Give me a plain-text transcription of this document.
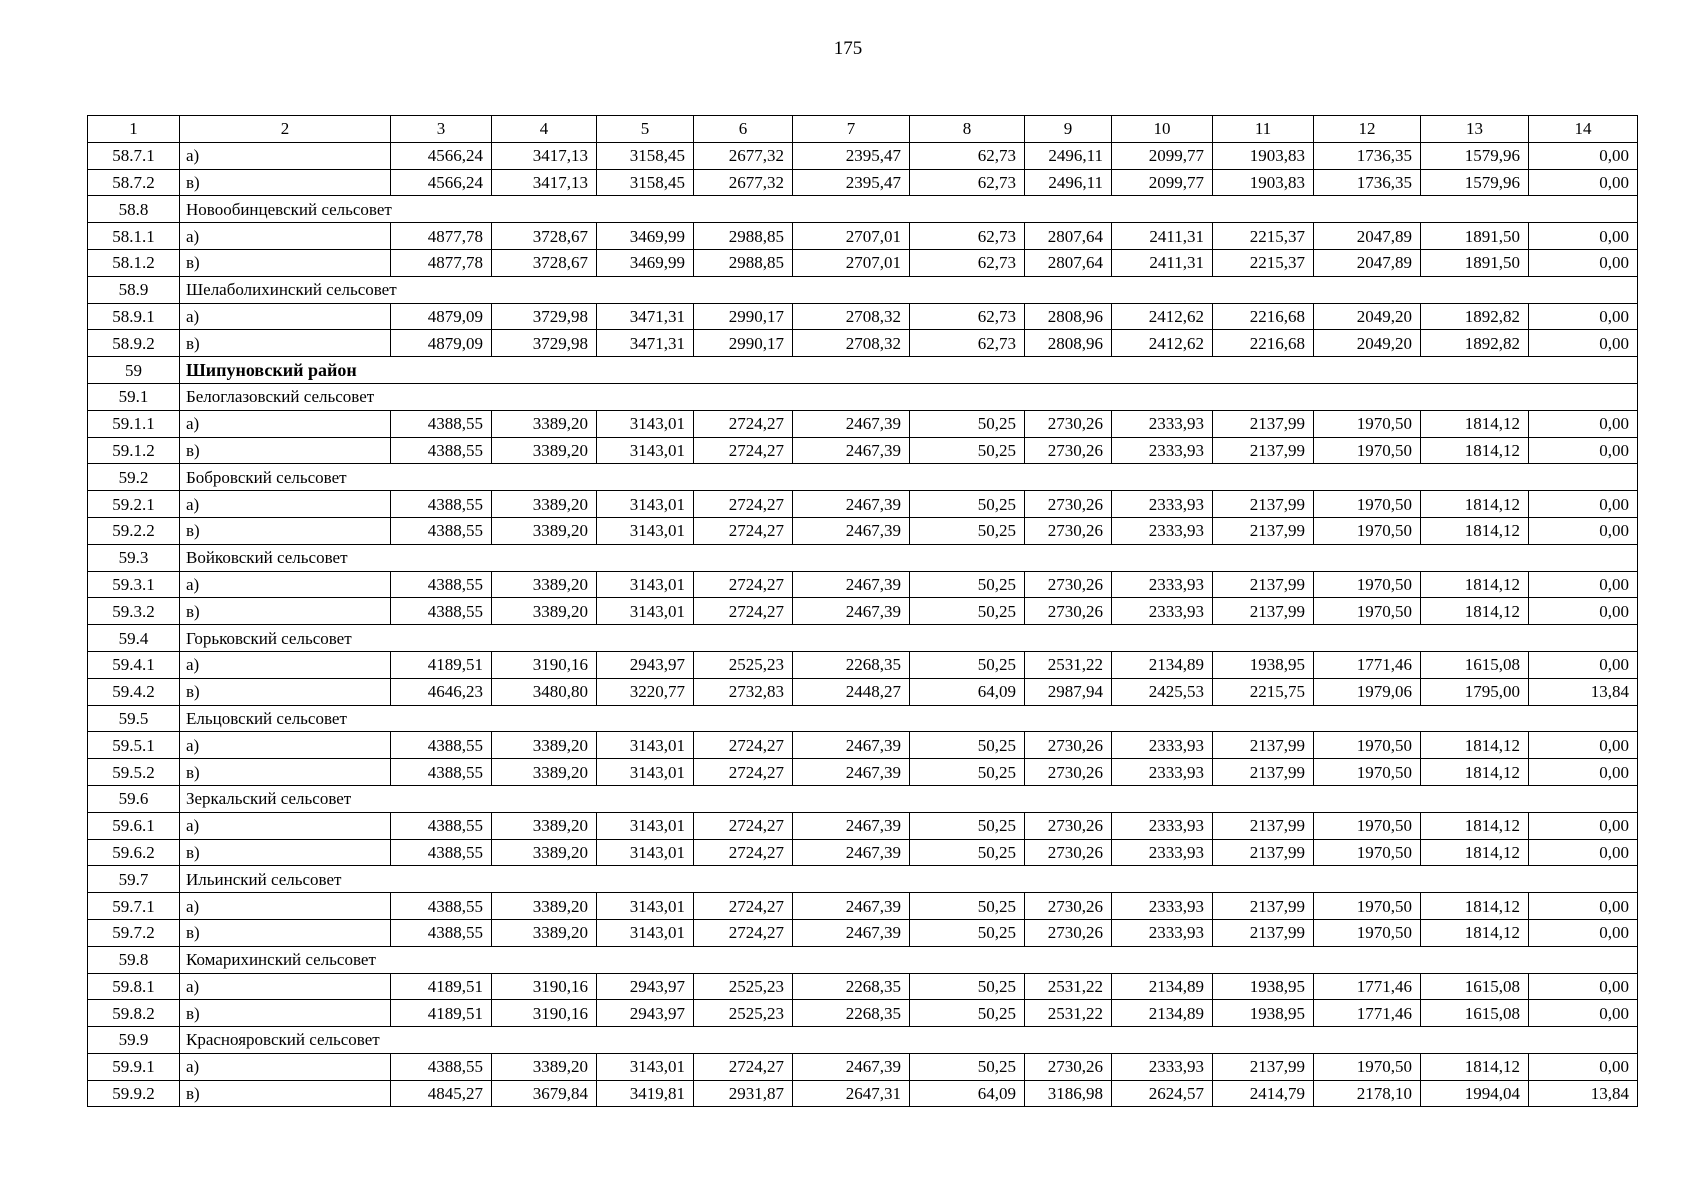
175
1	2	3	4	5	6	7	8	9	10	11	12	13	14
58.7.1	а)	4566,24	3417,13	3158,45	2677,32	2395,47	62,73	2496,11	2099,77	1903,83	1736,35	1579,96	0,00
58.7.2	в)	4566,24	3417,13	3158,45	2677,32	2395,47	62,73	2496,11	2099,77	1903,83	1736,35	1579,96	0,00
58.8	Новообинцевский сельсовет												
58.1.1	а)	4877,78	3728,67	3469,99	2988,85	2707,01	62,73	2807,64	2411,31	2215,37	2047,89	1891,50	0,00
58.1.2	в)	4877,78	3728,67	3469,99	2988,85	2707,01	62,73	2807,64	2411,31	2215,37	2047,89	1891,50	0,00
58.9	Шелаболихинский сельсовет												
58.9.1	а)	4879,09	3729,98	3471,31	2990,17	2708,32	62,73	2808,96	2412,62	2216,68	2049,20	1892,82	0,00
58.9.2	в)	4879,09	3729,98	3471,31	2990,17	2708,32	62,73	2808,96	2412,62	2216,68	2049,20	1892,82	0,00
59	Шипуновский район												
59.1	Белоглазовский сельсовет												
59.1.1	а)	4388,55	3389,20	3143,01	2724,27	2467,39	50,25	2730,26	2333,93	2137,99	1970,50	1814,12	0,00
59.1.2	в)	4388,55	3389,20	3143,01	2724,27	2467,39	50,25	2730,26	2333,93	2137,99	1970,50	1814,12	0,00
59.2	Бобровский сельсовет												
59.2.1	а)	4388,55	3389,20	3143,01	2724,27	2467,39	50,25	2730,26	2333,93	2137,99	1970,50	1814,12	0,00
59.2.2	в)	4388,55	3389,20	3143,01	2724,27	2467,39	50,25	2730,26	2333,93	2137,99	1970,50	1814,12	0,00
59.3	Войковский сельсовет												
59.3.1	а)	4388,55	3389,20	3143,01	2724,27	2467,39	50,25	2730,26	2333,93	2137,99	1970,50	1814,12	0,00
59.3.2	в)	4388,55	3389,20	3143,01	2724,27	2467,39	50,25	2730,26	2333,93	2137,99	1970,50	1814,12	0,00
59.4	Горьковский сельсовет												
59.4.1	а)	4189,51	3190,16	2943,97	2525,23	2268,35	50,25	2531,22	2134,89	1938,95	1771,46	1615,08	0,00
59.4.2	в)	4646,23	3480,80	3220,77	2732,83	2448,27	64,09	2987,94	2425,53	2215,75	1979,06	1795,00	13,84
59.5	Ельцовский сельсовет												
59.5.1	а)	4388,55	3389,20	3143,01	2724,27	2467,39	50,25	2730,26	2333,93	2137,99	1970,50	1814,12	0,00
59.5.2	в)	4388,55	3389,20	3143,01	2724,27	2467,39	50,25	2730,26	2333,93	2137,99	1970,50	1814,12	0,00
59.6	Зеркальский сельсовет												
59.6.1	а)	4388,55	3389,20	3143,01	2724,27	2467,39	50,25	2730,26	2333,93	2137,99	1970,50	1814,12	0,00
59.6.2	в)	4388,55	3389,20	3143,01	2724,27	2467,39	50,25	2730,26	2333,93	2137,99	1970,50	1814,12	0,00
59.7	Ильинский сельсовет												
59.7.1	а)	4388,55	3389,20	3143,01	2724,27	2467,39	50,25	2730,26	2333,93	2137,99	1970,50	1814,12	0,00
59.7.2	в)	4388,55	3389,20	3143,01	2724,27	2467,39	50,25	2730,26	2333,93	2137,99	1970,50	1814,12	0,00
59.8	Комарихинский сельсовет												
59.8.1	а)	4189,51	3190,16	2943,97	2525,23	2268,35	50,25	2531,22	2134,89	1938,95	1771,46	1615,08	0,00
59.8.2	в)	4189,51	3190,16	2943,97	2525,23	2268,35	50,25	2531,22	2134,89	1938,95	1771,46	1615,08	0,00
59.9	Краснояровский сельсовет												
59.9.1	а)	4388,55	3389,20	3143,01	2724,27	2467,39	50,25	2730,26	2333,93	2137,99	1970,50	1814,12	0,00
59.9.2	в)	4845,27	3679,84	3419,81	2931,87	2647,31	64,09	3186,98	2624,57	2414,79	2178,10	1994,04	13,84
